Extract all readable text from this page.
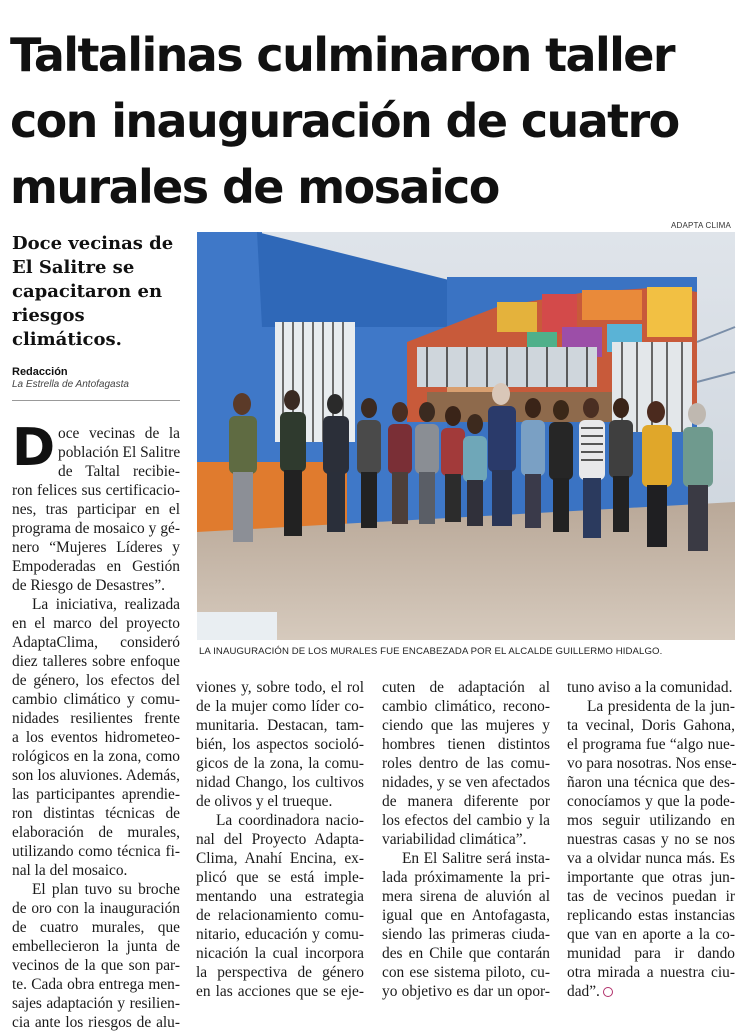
Taltalinas culminaron taller
con inauguración de cuatro
murales de mosaico
ADAPTA CLIMA
Doce vecinas de
El Salitre se
capacitaron en
riesgos
climáticos.
Redacción
La Estrella de Antofagasta
LA INAUGURACIÓN DE LOS MURALES FUE ENCABEZADA POR EL ALCALDE GUILLERMO HIDALGO.
D oce vecinas de la
población El Salitre
de Taltal recibie-
ron felices sus certificacio-
nes, tras participar en el
programa de mosaico y gé-
nero “Mujeres Líderes y
Empoderadas en Gestión
de Riesgo de Desastres”.
La iniciativa, realizada
en el marco del proyecto
AdaptaClima, consideró
diez talleres sobre enfoque
de género, los efectos del
cambio climático y comu-
nidades resilientes frente
a los eventos hidrometeo-
rológicos en la zona, como
son los aluviones. Además,
las participantes aprendie-
ron distintas técnicas de
elaboración de murales,
utilizando como técnica fi-
nal la del mosaico.
El plan tuvo su broche
de oro con la inauguración
de cuatro murales, que
embellecieron la junta de
vecinos de la que son par-
te. Cada obra entrega men-
sajes adaptación y resilien-
cia ante los riesgos de alu-
viones y, sobre todo, el rol
de la mujer como líder co-
munitaria. Destacan, tam-
bién, los aspectos socioló-
gicos de la zona, la comu-
nidad Chango, los cultivos
de olivos y el trueque.
La coordinadora nacio-
nal del Proyecto Adapta-
Clima, Anahí Encina, ex-
plicó que se está imple-
mentando una estrategia
de relacionamiento comu-
nitario, educación y comu-
nicación la cual incorpora
la perspectiva de género
en las acciones que se eje-
cuten de adaptación al
cambio climático, recono-
ciendo que las mujeres y
hombres tienen distintos
roles dentro de las comu-
nidades, y se ven afectados
de manera diferente por
los efectos del cambio y la
variabilidad climática”.
En El Salitre será insta-
lada próximamente la pri-
mera sirena de aluvión al
igual que en Antofagasta,
siendo las primeras ciuda-
des en Chile que contarán
con ese sistema piloto, cu-
yo objetivo es dar un opor-
tuno aviso a la comunidad.
La presidenta de la jun-
ta vecinal, Doris Gahona,
el programa fue “algo nue-
vo para nosotras. Nos ense-
ñaron una técnica que des-
conocíamos y que la pode-
mos seguir utilizando en
nuestras casas y no se nos
va a olvidar nunca más. Es
importante que otras jun-
tas de vecinos puedan ir
replicando estas instancias
que van en aporte a la co-
munidad para ir dando
otra mirada a nuestra ciu-
dad”.
